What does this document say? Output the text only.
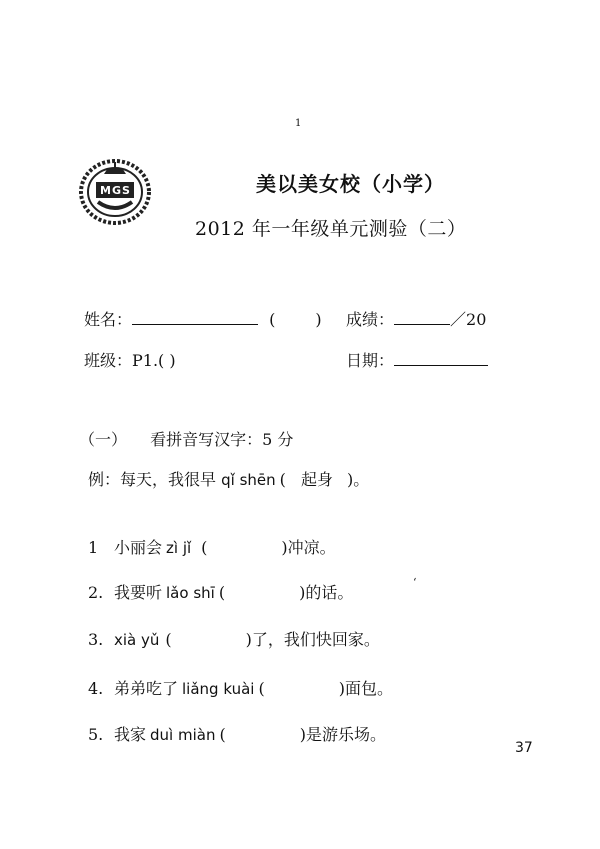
1
MGS	美以美女校（小学）
2012 年一年级单元测验（二）
姓名：	(	) 成绩：	／20
班级：P1.( )	日期：
（一） 看拼音写汉字：5 分
例：每天，我很早 qǐ shēn ( 起身 )。
1 小丽会 zì jǐ (	)冲凉。
2. 我要听 lǎo shī (	)的话。
3. xià yǔ (	)了，我们快回家。
4. 弟弟吃了 liǎng kuài (	)面包。
5. 我家 duì miàn (	)是游乐场。
‘
37
